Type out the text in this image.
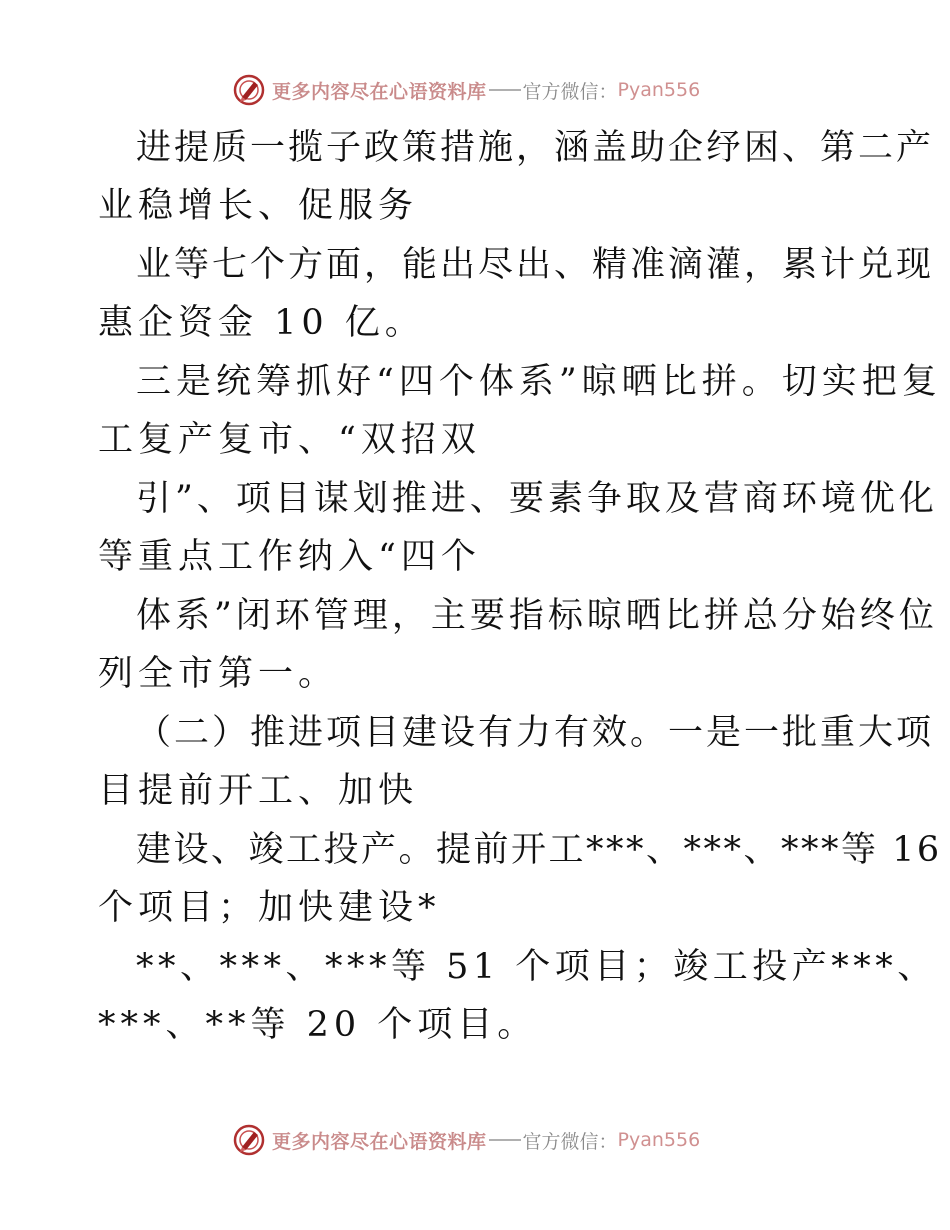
更多内容尽在心语资料库 官方微信： Pyan556
进提质一揽子政策措施，涵盖助企纾困、第二产
业稳增长、促服务
业等七个方面，能出尽出、精准滴灌，累计兑现
惠企资金 10 亿。
三是统筹抓好“四个体系”晾晒比拼。切实把复
工复产复市、“双招双
引”、项目谋划推进、要素争取及营商环境优化
等重点工作纳入“四个
体系”闭环管理，主要指标晾晒比拼总分始终位
列全市第一。
（二）推进项目建设有力有效。一是一批重大项
目提前开工、加快
建设、竣工投产。提前开工***、***、***等 16
个项目；加快建设*
**、***、***等 51 个项目；竣工投产***、
***、**等 20 个项目。
更多内容尽在心语资料库 官方微信： Pyan556
